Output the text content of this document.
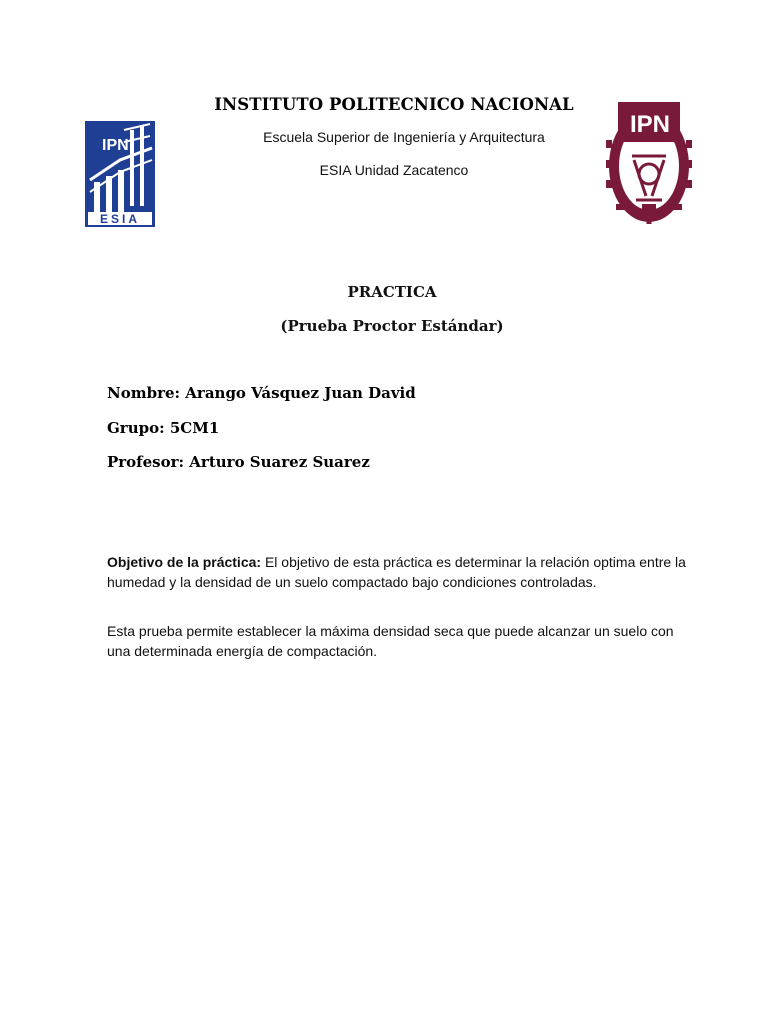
IPN
ESIA
INSTITUTO POLITECNICO NACIONAL
Escuela Superior de Ingeniería y Arquitectura
ESIA Unidad Zacatenco
IPN
PRACTICA
(Prueba Proctor Estándar)
Nombre: Arango Vásquez Juan David
Grupo: 5CM1
Profesor: Arturo Suarez Suarez
Objetivo de la práctica: El objetivo de esta práctica es determinar la relación optima entre la humedad y la densidad de un suelo compactado bajo condiciones controladas.
Esta prueba permite establecer la máxima densidad seca que puede alcanzar un suelo con una determinada energía de compactación.
